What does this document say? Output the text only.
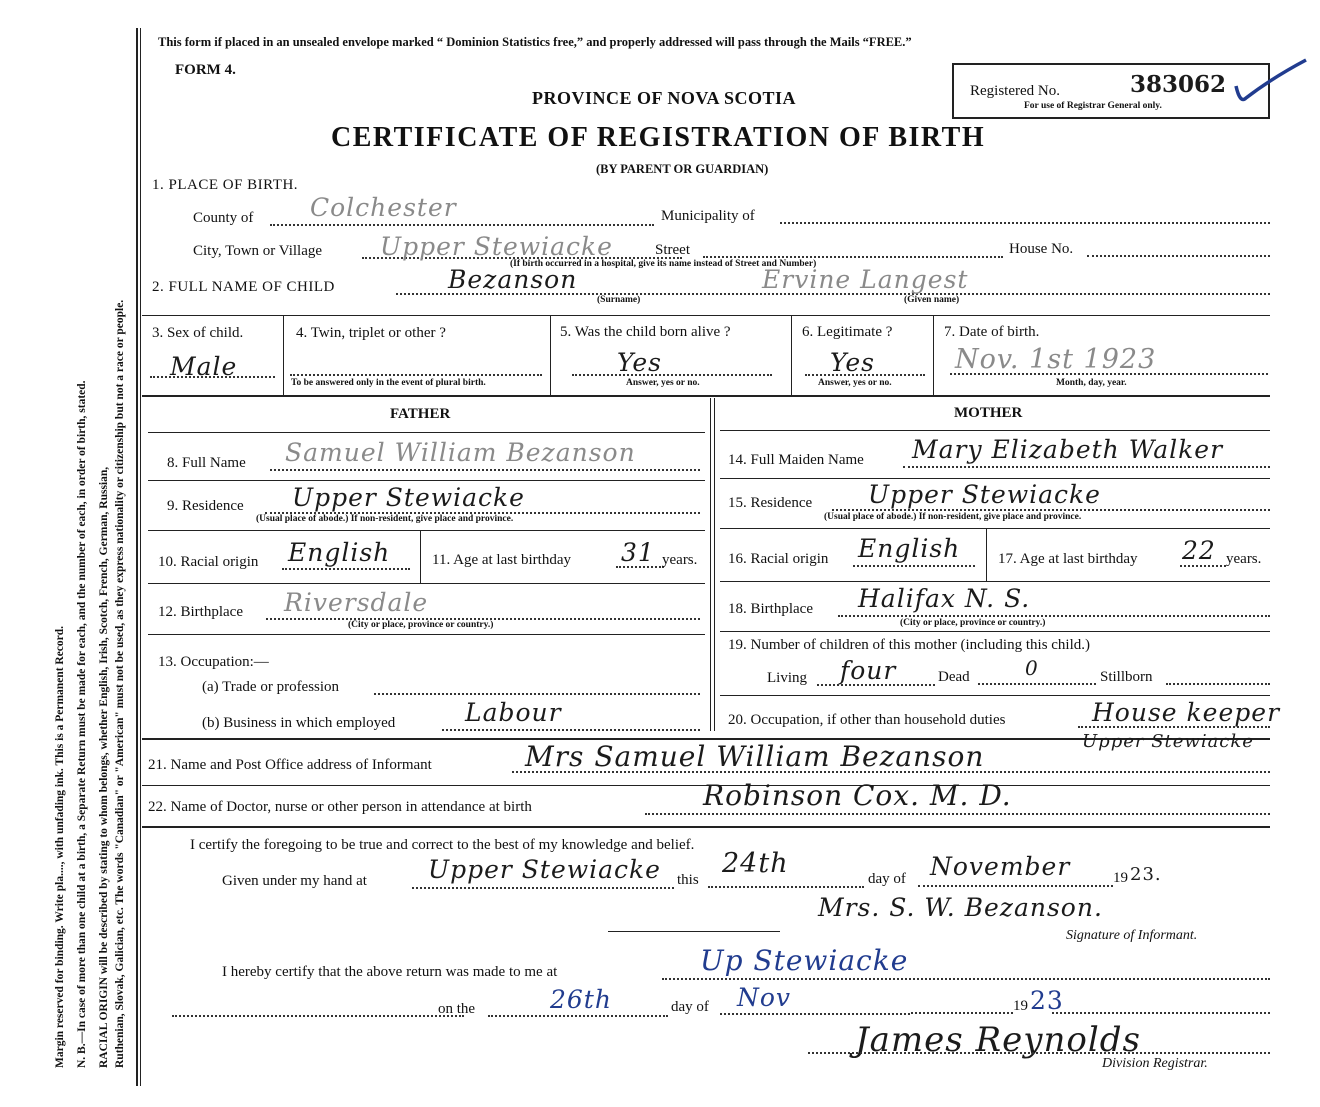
Margin reserved for binding. Write pla...., with unfading ink. This is a Permanent Record. N. B.—In case of more than one child at a birth, a Separate Return must be made for each, and the number of each, in order of birth, stated. RACIAL ORIGIN will be described by stating to whom belongs, whether English, Irish, Scotch, French, German, Russian, Ruthenian, Slovak, Galician, etc. The words "Canadian" or "American" must not be used, as they express nationality or citizenship but not a race or people.
This form if placed in an unsealed envelope marked “ Dominion Statistics free,” and properly addressed will pass through the Mails “FREE.”
FORM 4.
PROVINCE OF NOVA SCOTIA
CERTIFICATE OF REGISTRATION OF BIRTH
(BY PARENT OR GUARDIAN)
Registered No.	383062
For use of Registrar General only.
1. PLACE OF BIRTH.
County of Colchester	Municipality of
City, Town or Village Upper Stewiacke	Street	House No.
(If birth occurred in a hospital, give its name instead of Street and Number)
2. FULL NAME OF CHILD	Bezanson	Ervine Langest
(Surname)	(Given name)
3. Sex of child.
Male
4. Twin, triplet or other ?
To be answered only in the event of plural birth.
5. Was the child born alive ?
Yes
Answer, yes or no.
6. Legitimate ?
Yes
Answer, yes or no.
7. Date of birth.
Nov. 1st 1923
Month, day, year.
FATHER	MOTHER
8. Full Name Samuel William Bezanson
9. Residence Upper Stewiacke
(Usual place of abode.) If non-resident, give place and province.
10. Racial origin English	11. Age at last birthday 31 years.
12. Birthplace Riversdale
(City or place, province or country.)
13. Occupation:—
(a) Trade or profession
(b) Business in which employed	Labour
14. Full Maiden Name Mary Elizabeth Walker
15. Residence Upper Stewiacke
(Usual place of abode.) If non-resident, give place and province.
16. Racial origin English	17. Age at last birthday 22 years.
18. Birthplace Halifax N. S.
(City or place, province or country.)
19. Number of children of this mother (including this child.)
Living four	Dead	0	Stillborn
20. Occupation, if other than household duties	House keeper
21. Name and Post Office address of Informant	Mrs Samuel William Bezanson	Upper Stewiacke
22. Name of Doctor, nurse or other person in attendance at birth	Robinson Cox. M. D.
I certify the foregoing to be true and correct to the best of my knowledge and belief.
Given under my hand at Upper Stewiacke this
24th	day of November	19 23.
Mrs. S. W. Bezanson.
Signature of Informant.
I hereby certify that the above return was made to me at	Up Stewiacke
on the	26th	day of Nov	19 23
James Reynolds
Division Registrar.
